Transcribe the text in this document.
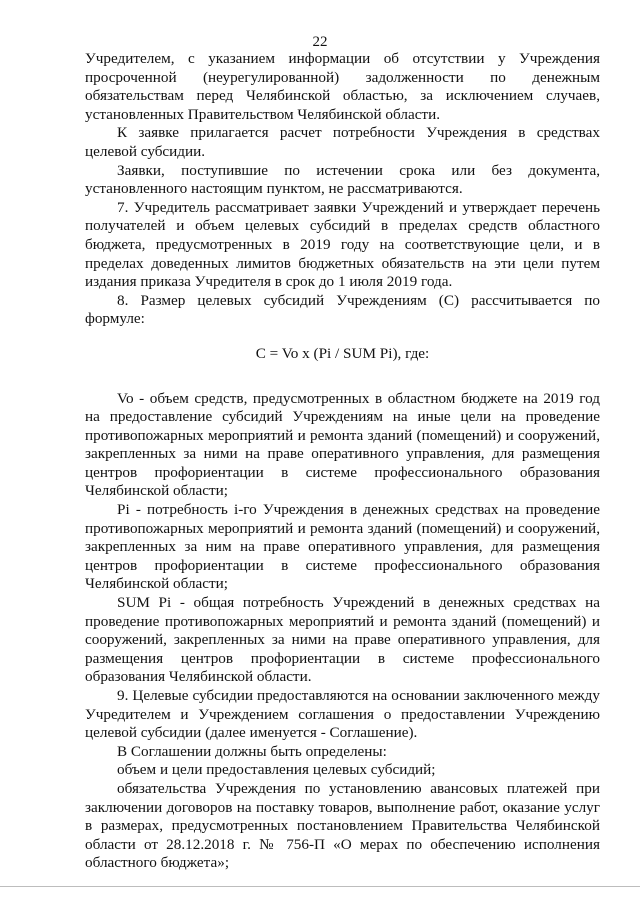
22

Учредителем, с указанием информации об отсутствии у Учреждения просроченной (неурегулированной) задолженности по денежным обязательствам перед Челябинской областью, за исключением случаев, установленных Правительством Челябинской области.

К заявке прилагается расчет потребности Учреждения в средствах целевой субсидии.

Заявки, поступившие по истечении срока или без документа, установленного настоящим пунктом, не рассматриваются.

7. Учредитель рассматривает заявки Учреждений и утверждает перечень получателей и объем целевых субсидий в пределах средств областного бюджета, предусмотренных в 2019 году на соответствующие цели, и в пределах доведенных лимитов бюджетных обязательств на эти цели путем издания приказа Учредителя в срок до 1 июля 2019 года.

8. Размер целевых субсидий Учреждениям (С) рассчитывается по формуле:

C = Vo x (Pi / SUM Pi), где:

Vo - объем средств, предусмотренных в областном бюджете на 2019 год на предоставление субсидий Учреждениям на иные цели на проведение противопожарных мероприятий и ремонта зданий (помещений) и сооружений, закрепленных за ними на праве оперативного управления, для размещения центров профориентации в системе профессионального образования Челябинской области;

Pi - потребность i-го Учреждения в денежных средствах на проведение противопожарных мероприятий и ремонта зданий (помещений) и сооружений, закрепленных за ним на праве оперативного управления, для размещения центров профориентации в системе профессионального образования Челябинской области;

SUM Pi - общая потребность Учреждений в денежных средствах на проведение противопожарных мероприятий и ремонта зданий (помещений) и сооружений, закрепленных за ними на праве оперативного управления, для размещения центров профориентации в системе профессионального образования Челябинской области.

9. Целевые субсидии предоставляются на основании заключенного между Учредителем и Учреждением соглашения о предоставлении Учреждению целевой субсидии (далее именуется - Соглашение).

В Соглашении должны быть определены:

объем и цели предоставления целевых субсидий;

обязательства Учреждения по установлению авансовых платежей при заключении договоров на поставку товаров, выполнение работ, оказание услуг в размерах, предусмотренных постановлением Правительства Челябинской области от 28.12.2018 г. № 756-П «О мерах по обеспечению исполнения областного бюджета»;
